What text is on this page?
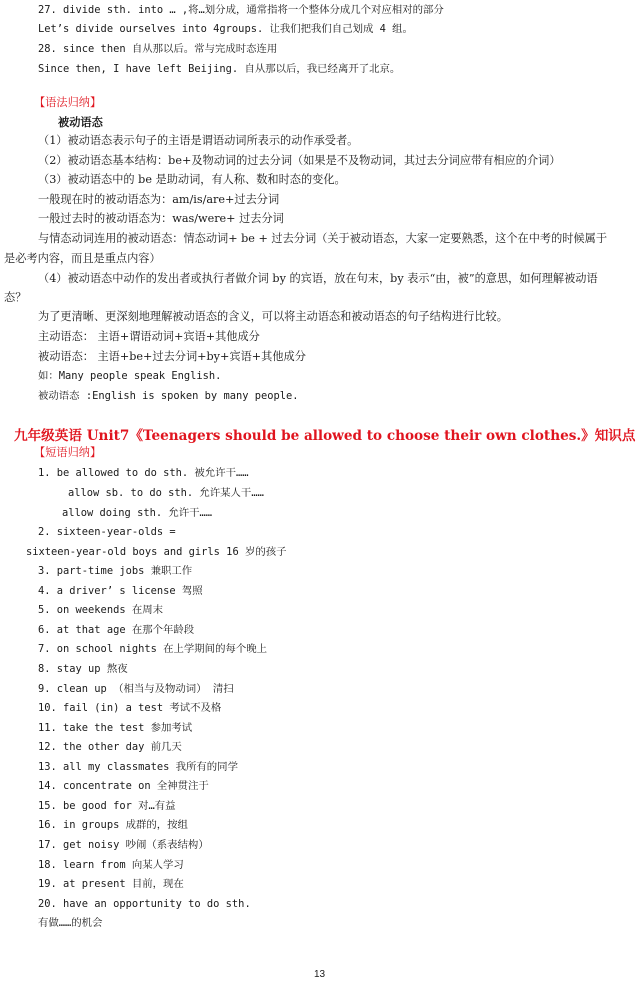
27. divide sth. into … ,将…划分成，通常指将一个整体分成几个对应相对的部分
Let’s divide ourselves into 4groups. 让我们把我们自己划成 4 组。
28. since then 自从那以后。常与完成时态连用
Since then, I have left Beijing. 自从那以后，我已经离开了北京。
【语法归纳】
被动语态
（1）被动语态表示句子的主语是谓语动词所表示的动作承受者。
（2）被动语态基本结构：be+及物动词的过去分词（如果是不及物动词，其过去分词应带有相应的介词）
（3）被动语态中的 be 是助动词，有人称、数和时态的变化。
一般现在时的被动语态为：am/is/are+过去分词
一般过去时的被动语态为：was/were+ 过去分词
与情态动词连用的被动语态：情态动词+ be + 过去分词（关于被动语态，大家一定要熟悉，这个在中考的时候属于
是必考内容，而且是重点内容）
（4）被动语态中动作的发出者或执行者做介词 by 的宾语，放在句末，by 表示“由，被”的意思，如何理解被动语
态？
为了更清晰、更深刻地理解被动语态的含义，可以将主动语态和被动语态的句子结构进行比较。
主动语态： 主语+谓语动词+宾语+其他成分
被动语态： 主语+be+过去分词+by+宾语+其他成分
如：Many people speak English.
被动语态 :English is spoken by many people.
九年级英语 Unit7《Teenagers should be allowed to choose their own clothes.》知识点
【短语归纳】
1. be allowed to do sth. 被允许干……
allow sb. to do sth. 允许某人干……
allow doing sth. 允许干……
2. sixteen-year-olds =
sixteen-year-old boys and girls 16 岁的孩子
3. part-time jobs 兼职工作
4. a driver’ s license 驾照
5. on weekends 在周末
6. at that age 在那个年龄段
7. on school nights 在上学期间的每个晚上
8. stay up 熬夜
9. clean up （相当与及物动词） 清扫
10. fail (in) a test 考试不及格
11. take the test 参加考试
12. the other day 前几天
13. all my classmates 我所有的同学
14. concentrate on 全神贯注于
15. be good for 对…有益
16. in groups 成群的，按组
17. get noisy 吵闹（系表结构）
18. learn from 向某人学习
19. at present 目前，现在
20. have an opportunity to do sth.
有做……的机会
13
